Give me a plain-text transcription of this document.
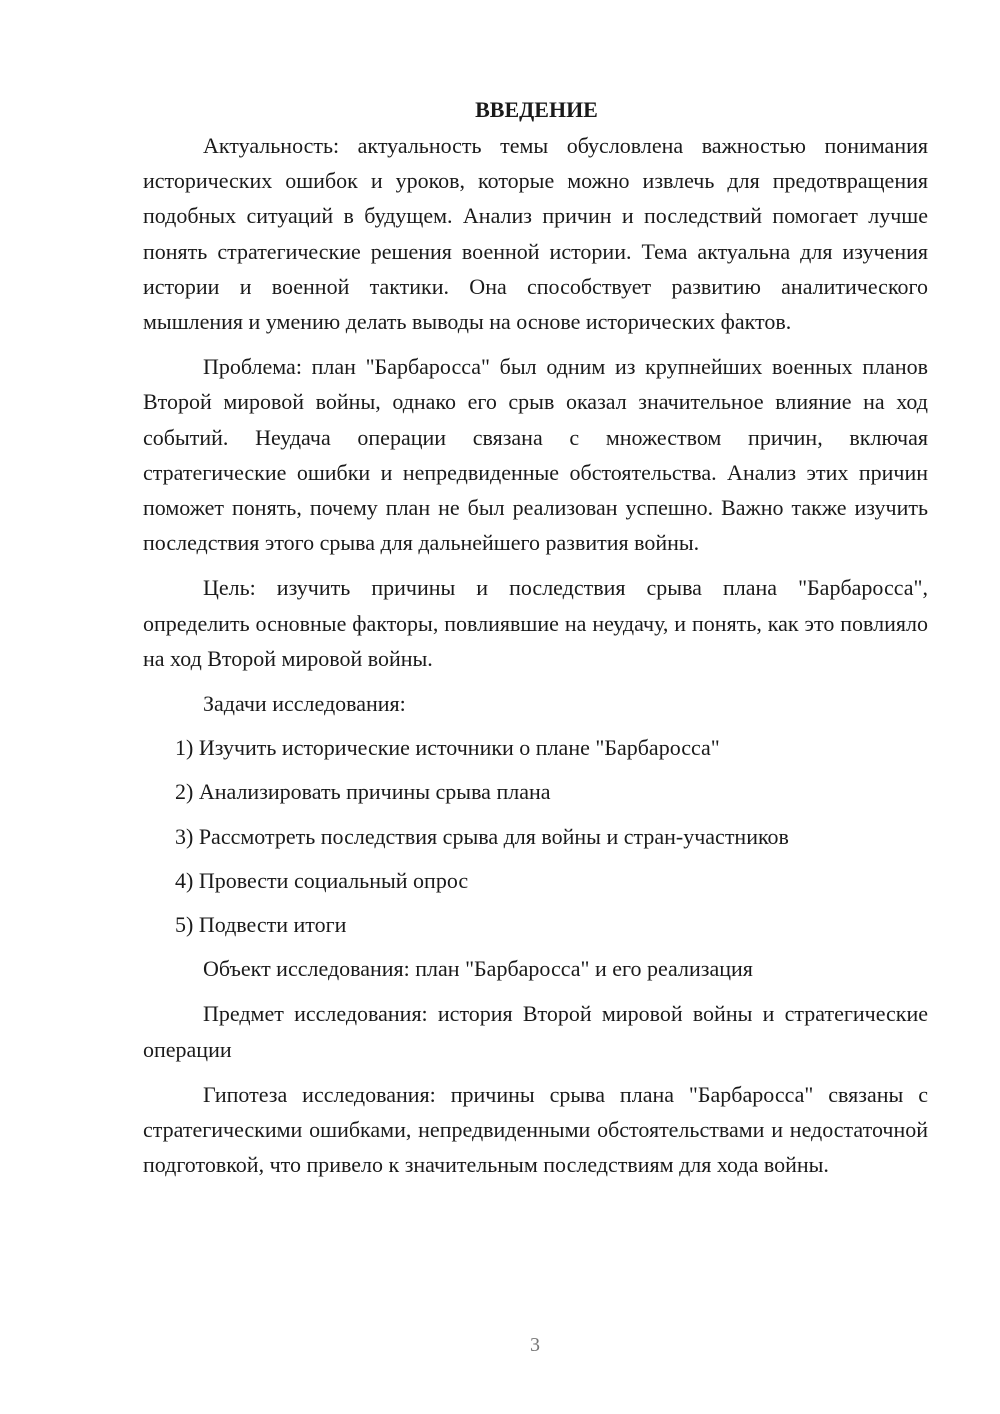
ВВЕДЕНИЕ

Актуальность: актуальность темы обусловлена важностью понимания исторических ошибок и уроков, которые можно извлечь для предотвращения подобных ситуаций в будущем. Анализ причин и последствий помогает лучше понять стратегические решения военной истории. Тема актуальна для изучения истории и военной тактики. Она способствует развитию аналитического мышления и умению делать выводы на основе исторических фактов.

Проблема: план "Барбаросса" был одним из крупнейших военных планов Второй мировой войны, однако его срыв оказал значительное влияние на ход событий. Неудача операции связана с множеством причин, включая стратегические ошибки и непредвиденные обстоятельства. Анализ этих причин поможет понять, почему план не был реализован успешно. Важно также изучить последствия этого срыва для дальнейшего развития войны.

Цель: изучить причины и последствия срыва плана "Барбаросса", определить основные факторы, повлиявшие на неудачу, и понять, как это повлияло на ход Второй мировой войны.

Задачи исследования:

1) Изучить исторические источники о плане "Барбаросса"

2) Анализировать причины срыва плана

3) Рассмотреть последствия срыва для войны и стран-участников

4) Провести социальный опрос

5) Подвести итоги

Объект исследования: план "Барбаросса" и его реализация

Предмет исследования: история Второй мировой войны и стратегические операции

Гипотеза исследования: причины срыва плана "Барбаросса" связаны с стратегическими ошибками, непредвиденными обстоятельствами и недостаточной подготовкой, что привело к значительным последствиям для хода войны.

3
